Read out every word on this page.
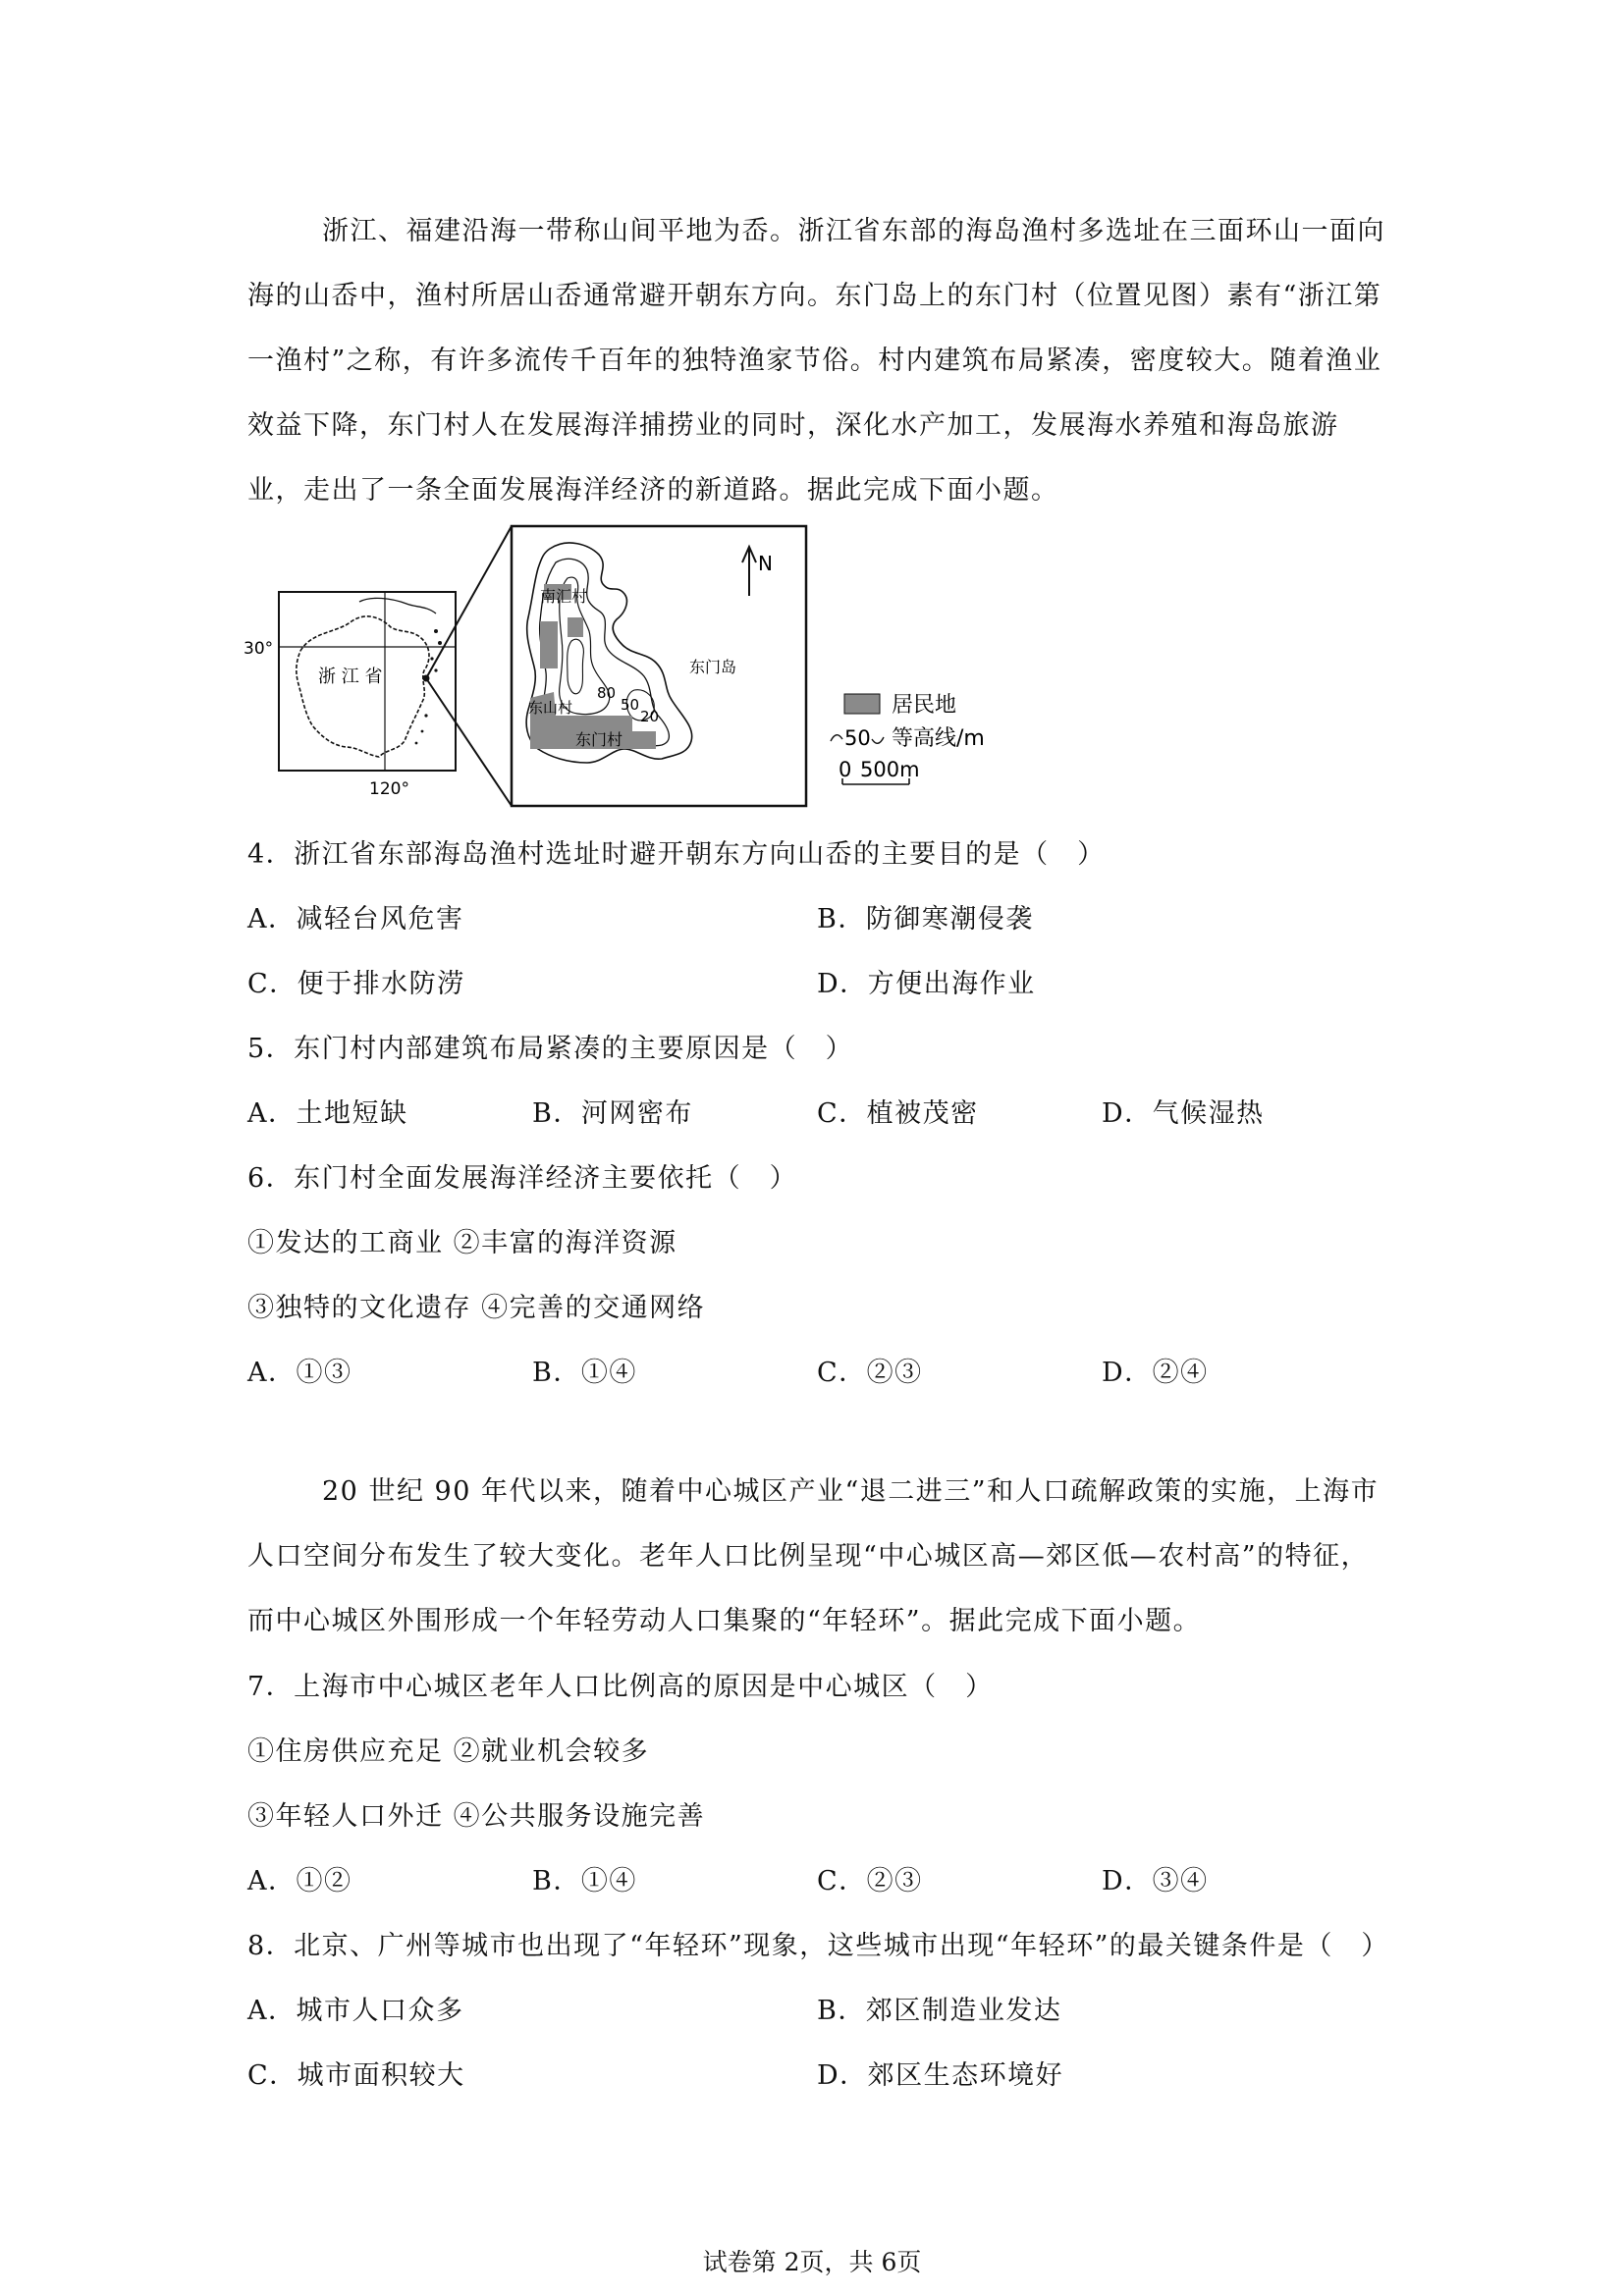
浙江、福建沿海一带称山间平地为岙。浙江省东部的海岛渔村多选址在三面环山一面向海的山岙中，渔村所居山岙通常避开朝东方向。东门岛上的东门村（位置见图）素有“浙江第一渔村”之称，有许多流传千百年的独特渔家节俗。村内建筑布局紧凑，密度较大。随着渔业效益下降，东门村人在发展海洋捕捞业的同时，深化水产加工，发展海水养殖和海岛旅游业，走出了一条全面发展海洋经济的新道路。据此完成下面小题。
浙 江 省
30°
120°
南汇村
东门岛
东山村
东门村
80
50
20
N
居民地
50 等高线/m
0 500m
4．浙江省东部海岛渔村选址时避开朝东方向山岙的主要目的是（　）
A．减轻台风危害	B．防御寒潮侵袭
C．便于排水防涝	D．方便出海作业
5．东门村内部建筑布局紧凑的主要原因是（　）
A．土地短缺	B．河网密布	C．植被茂密	D．气候湿热
6．东门村全面发展海洋经济主要依托（　）
①发达的工商业 ②丰富的海洋资源
③独特的文化遗存 ④完善的交通网络
A．①③	B．①④	C．②③	D．②④
20 世纪 90 年代以来，随着中心城区产业“退二进三”和人口疏解政策的实施，上海市人口空间分布发生了较大变化。老年人口比例呈现“中心城区高—郊区低—农村高”的特征，而中心城区外围形成一个年轻劳动人口集聚的“年轻环”。据此完成下面小题。
7．上海市中心城区老年人口比例高的原因是中心城区（　）
①住房供应充足 ②就业机会较多
③年轻人口外迁 ④公共服务设施完善
A．①②	B．①④	C．②③	D．③④
8．北京、广州等城市也出现了“年轻环”现象，这些城市出现“年轻环”的最关键条件是（　）
A．城市人口众多	B．郊区制造业发达
C．城市面积较大	D．郊区生态环境好
试卷第 2页，共 6页
